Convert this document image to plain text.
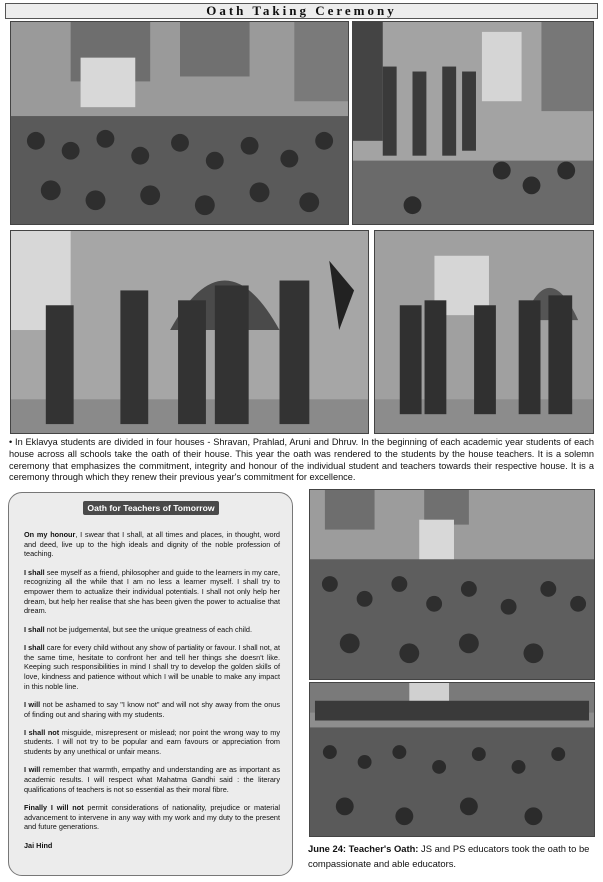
Oath Taking Ceremony
• In Eklavya students are divided in four houses - Shravan, Prahlad, Aruni and Dhruv. In the beginning of each academic year students of each house across all schools take the oath of their house. This year the oath was rendered to the students by the house teachers. It is a solemn ceremony that emphasizes the commitment, integrity and honour of the individual student and teachers towards their respective house. It is a ceremony through which they renew their previous year's commitment for excellence.
Oath for Teachers of Tomorrow

On my honour, I swear that I shall, at all times and places, in thought, word and deed, live up to the high ideals and dignity of the noble profession of teaching.

I shall see myself as a friend, philosopher and guide to the learners in my care, recognizing all the while that I am no less a learner myself. I shall try to empower them to actualize their individual potentials. I shall not only help her dream, but help her realise that she has been given the power to actualise that dream.

I shall not be judgemental, but see the unique greatness of each child.

I shall care for every child without any show of partiality or favour. I shall not, at the same time, hesitate to confront her and tell her things she doesn't like. Keeping such responsibilities in mind I shall try to develop the golden skills of love, kindness and patience without which I will be unable to make any impact in this noble line.

I will not be ashamed to say "I know not" and will not shy away from the onus of finding out and sharing with my students.

I shall not misguide, misrepresent or mislead; nor point the wrong way to my students. I will not try to be popular and earn favours or appreciation from students by any unethical or unfair means.

I will remember that warmth, empathy and understanding are as important as academic results. I will respect what Mahatma Gandhi said : the literary qualifications of teachers is not so essential as their moral fibre.

Finally I will not permit considerations of nationality, prejudice or material advancement to intervene in any way with my work and my duty to the present and future generations.

Jai Hind	June 24: Teacher's Oath: JS and PS educators took the oath to be compassionate and able educators.
